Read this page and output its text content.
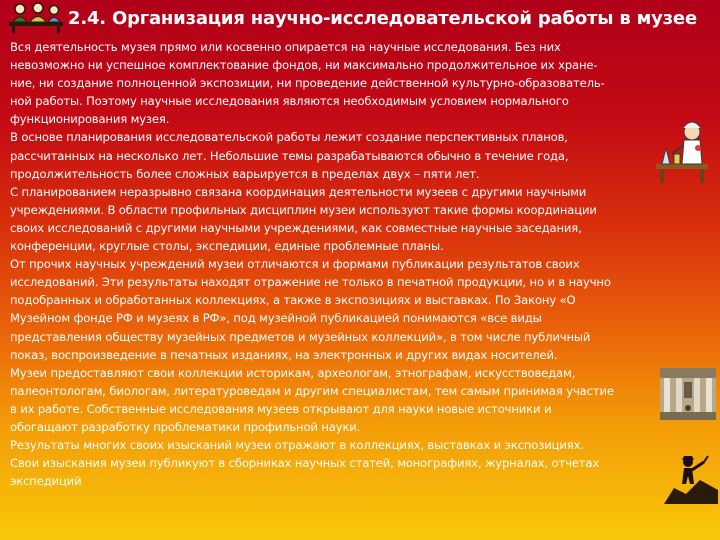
2.4. Организация научно-исследовательской работы в музее

Вся деятельность музея прямо или косвенно опирается на научные исследования. Без них

невозможно ни успешное комплектование фондов, ни максимально продолжительное их хране-

ние, ни создание полноценной экспозиции, ни проведение действенной культурно-образователь-

ной работы. Поэтому научные исследования являются необходимым условием нормального

функционирования музея.

В основе планирования исследовательской работы лежит создание перспективных планов,

рассчитанных на несколько лет. Небольшие темы разрабатываются обычно в течение года,

продолжительность более сложных варьируется в пределах двух – пяти лет.

С планированием неразрывно связана координация деятельности музеев с другими научными

учреждениями. В области профильных дисциплин музеи используют такие формы координации

своих исследований с другими научными учреждениями, как совместные научные заседания,

конференции, круглые столы, экспедиции, единые проблемные планы.

От прочих научных учреждений музеи отличаются и формами публикации результатов своих

исследований. Эти результаты находят отражение не только в печатной продукции, но и в научно

подобранных и обработанных коллекциях, а также в экспозициях и выставках. По Закону «О

Музейном фонде РФ и музеях в РФ», под музейной публикацией понимаются «все виды

представления обществу музейных предметов и музейных коллекций», в том числе публичный

показ, воспроизведение в печатных изданиях, на электронных и других видах носителей.

Музеи предоставляют свои коллекции историкам, археологам, этнографам, искусствоведам,

палеонтологам, биологам, литературоведам и другим специалистам, тем самым принимая участие

в их работе. Собственные исследования музеев открывают для науки новые источники и

обогащают разработку проблематики профильной науки.

Результаты многих своих изысканий музеи отражают в коллекциях, выставках и экспозициях.

Свои изыскания музеи публикуют в сборниках научных статей, монографиях, журналах, отчетах

экспедиций
